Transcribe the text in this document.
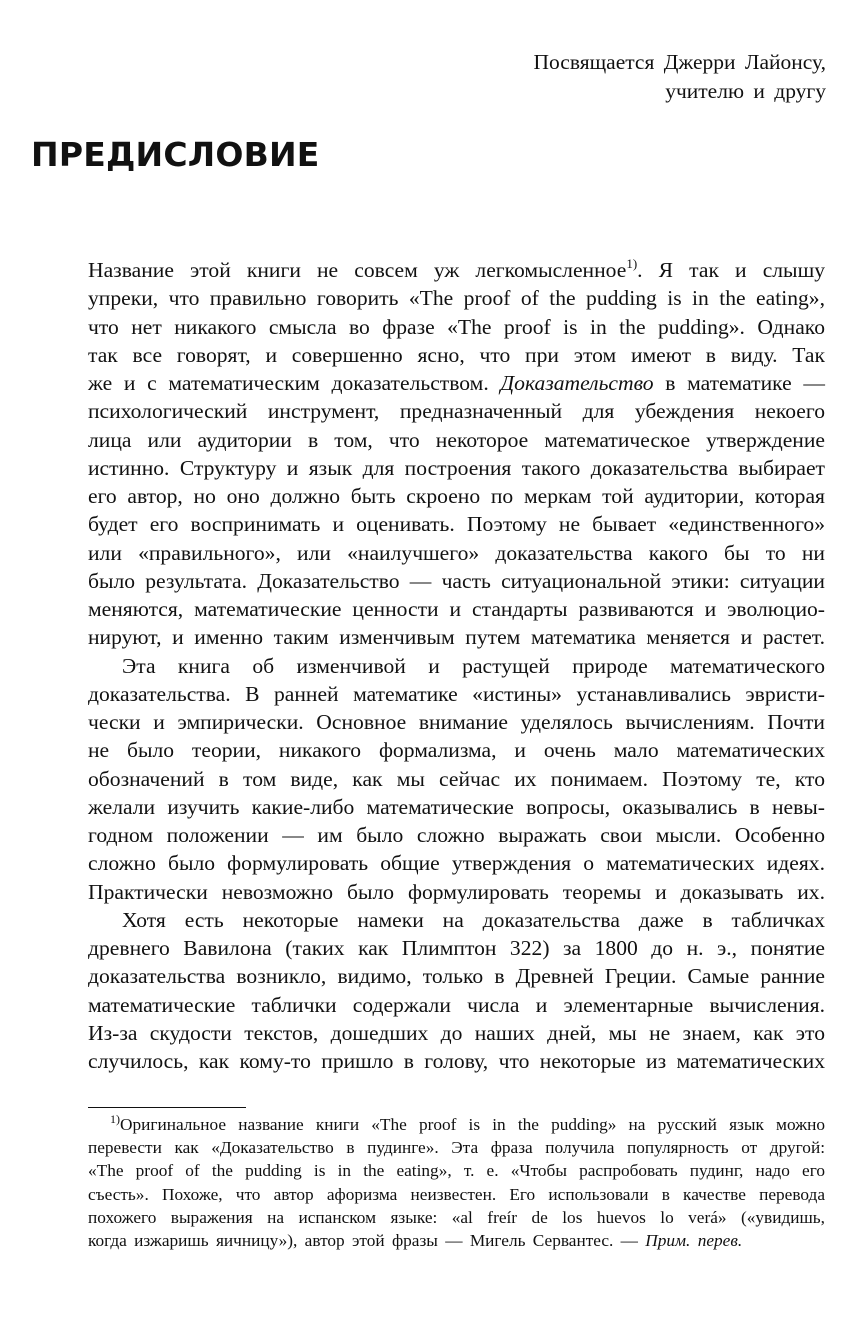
Посвящается Джерри Лайонсу,
учителю и другу
ПРЕДИСЛОВИЕ
Название этой книги не совсем уж легкомысленное$^{1)}$. Я так и слышу
упреки, что правильно говорить «The proof of the pudding is in the eating»,
что нет никакого смысла во фразе «The proof is in the pudding». Однако
так все говорят, и совершенно ясно, что при этом имеют в виду. Так
же и с математическим доказательством. Доказательство в математике —
психологический инструмент, предназначенный для убеждения некоего
лица или аудитории в том, что некоторое математическое утверждение
истинно. Структуру и язык для построения такого доказательства выбирает
его автор, но оно должно быть скроено по меркам той аудитории, которая
будет его воспринимать и оценивать. Поэтому не бывает «единственного»
или «правильного», или «наилучшего» доказательства какого бы то ни
было результата. Доказательство — часть ситуациональной этики: ситуации
меняются, математические ценности и стандарты развиваются и эволюцио-
нируют, и именно таким изменчивым путем математика меняется и растет.
Эта книга об изменчивой и растущей природе математического
доказательства. В ранней математике «истины» устанавливались эвристи-
чески и эмпирически. Основное внимание уделялось вычислениям. Почти
не было теории, никакого формализма, и очень мало математических
обозначений в том виде, как мы сейчас их понимаем. Поэтому те, кто
желали изучить какие-либо математические вопросы, оказывались в невы-
годном положении — им было сложно выражать свои мысли. Особенно
сложно было формулировать общие утверждения о математических идеях.
Практически невозможно было формулировать теоремы и доказывать их.
Хотя есть некоторые намеки на доказательства даже в табличках
древнего Вавилона (таких как Плимптон 322) за 1800 до н. э., понятие
доказательства возникло, видимо, только в Древней Греции. Самые ранние
математические таблички содержали числа и элементарные вычисления.
Из-за скудости текстов, дошедших до наших дней, мы не знаем, как это
случилось, как кому-то пришло в голову, что некоторые из математических
$^{1)}$Оригинальное название книги «The proof is in the pudding» на русский язык можно
перевести как «Доказательство в пудинге». Эта фраза получила популярность от другой:
«The proof of the pudding is in the eating», т. е. «Чтобы распробовать пудинг, надо его
съесть». Похоже, что автор афоризма неизвестен. Его использовали в качестве перевода
похожего выражения на испанском языке: «al freír de los huevos lo verá» («увидишь,
когда изжаришь яичницу»), автор этой фразы — Мигель Сервантес. — Прим. перев.
